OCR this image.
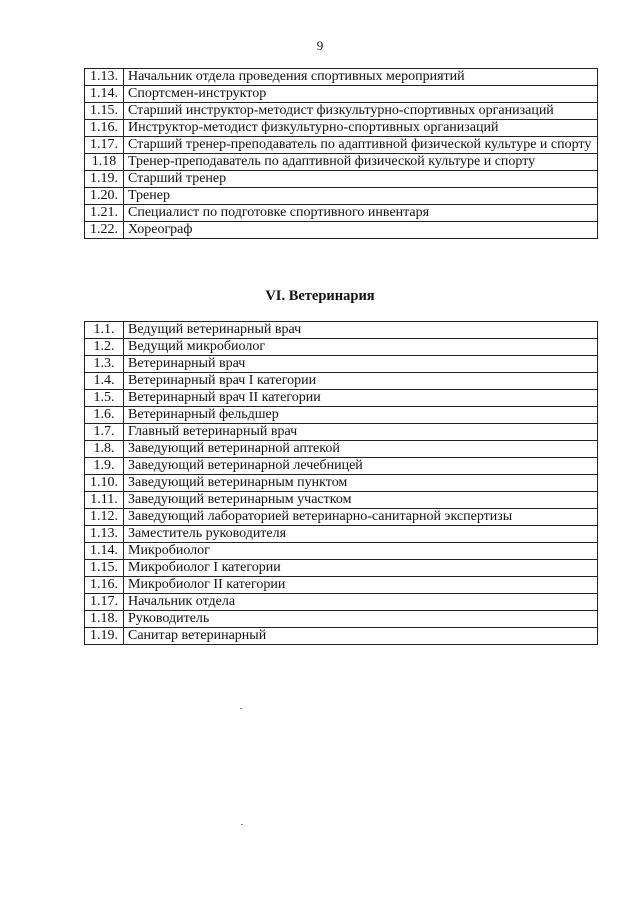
9
1.13.	Начальник отдела проведения спортивных мероприятий
1.14.	Спортсмен-инструктор
1.15.	Старший инструктор-методист физкультурно-спортивных организаций
1.16.	Инструктор-методист физкультурно-спортивных организаций
1.17.	Старший тренер-преподаватель по адаптивной физической культуре и спорту
1.18	Тренер-преподаватель по адаптивной физической культуре и спорту
1.19.	Старший тренер
1.20.	Тренер
1.21.	Специалист по подготовке спортивного инвентаря
1.22.	Хореограф
VI. Ветеринария
1.1.	Ведущий ветеринарный врач
1.2.	Ведущий микробиолог
1.3.	Ветеринарный врач
1.4.	Ветеринарный врач I категории
1.5.	Ветеринарный врач II категории
1.6.	Ветеринарный фельдшер
1.7.	Главный ветеринарный врач
1.8.	Заведующий ветеринарной аптекой
1.9.	Заведующий ветеринарной лечебницей
1.10.	Заведующий ветеринарным пунктом
1.11.	Заведующий ветеринарным участком
1.12.	Заведующий лабораторией ветеринарно-санитарной экспертизы
1.13.	Заместитель руководителя
1.14.	Микробиолог
1.15.	Микробиолог I категории
1.16.	Микробиолог II категории
1.17.	Начальник отдела
1.18.	Руководитель
1.19.	Санитар ветеринарный
